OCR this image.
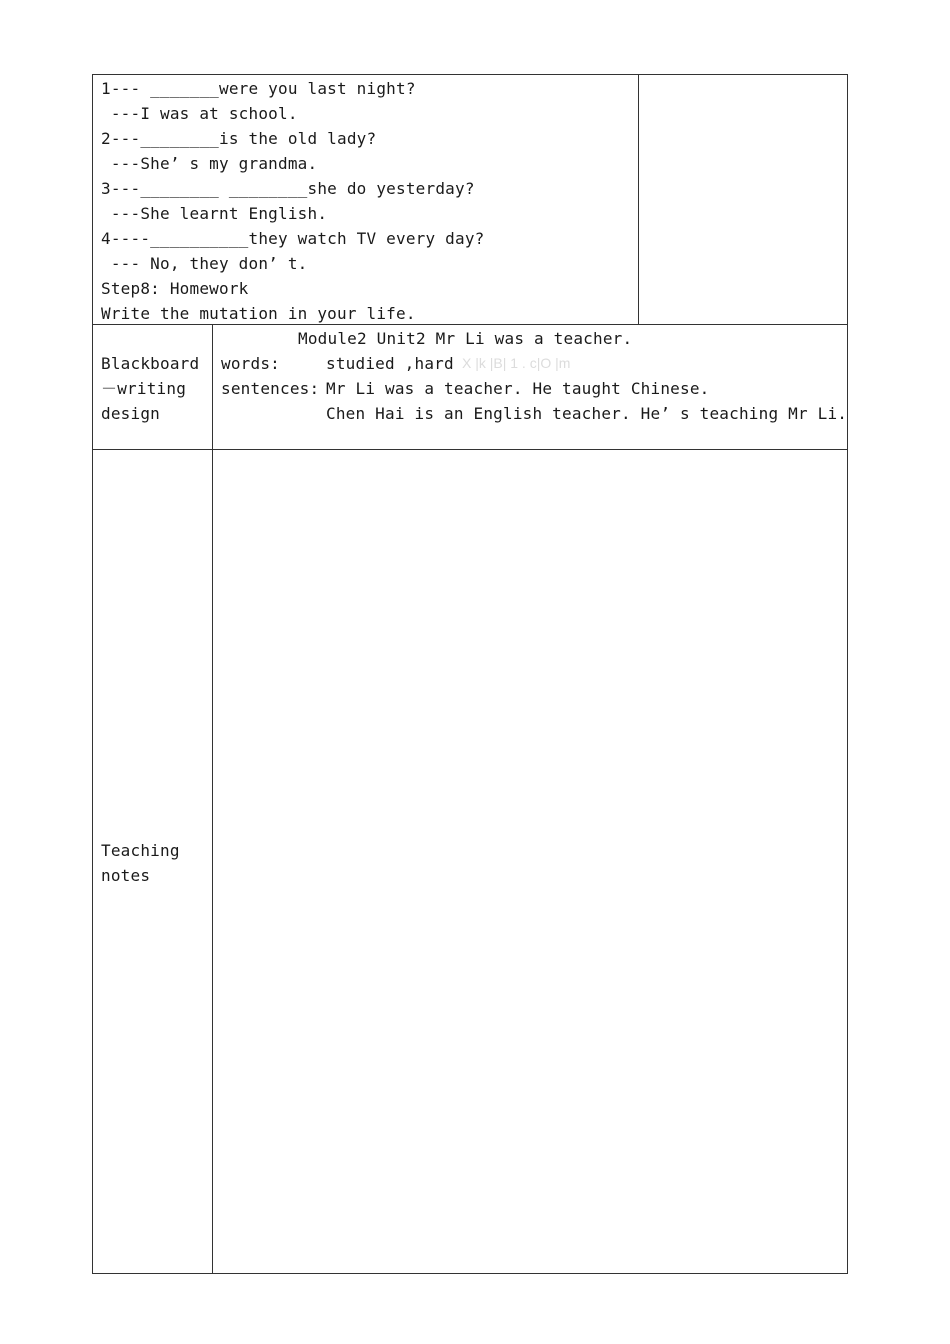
1--- _______were you last night?
---I was at school.
2---________is the old lady?
---She’ s my grandma.
3---________ ________she do yesterday?
---She learnt English.
4----__________they watch TV every day?
--- No, they don’ t.
Step8: Homework
Write the mutation in your life.
Blackboard
－writing
design
Module2 Unit2 Mr Li was a teacher.
words:	studied ,hard X |k |B| 1 . c|O |m
sentences: Mr Li was a teacher. He taught Chinese.
Chen Hai is an English teacher. He’ s teaching Mr Li.
Teaching
notes
